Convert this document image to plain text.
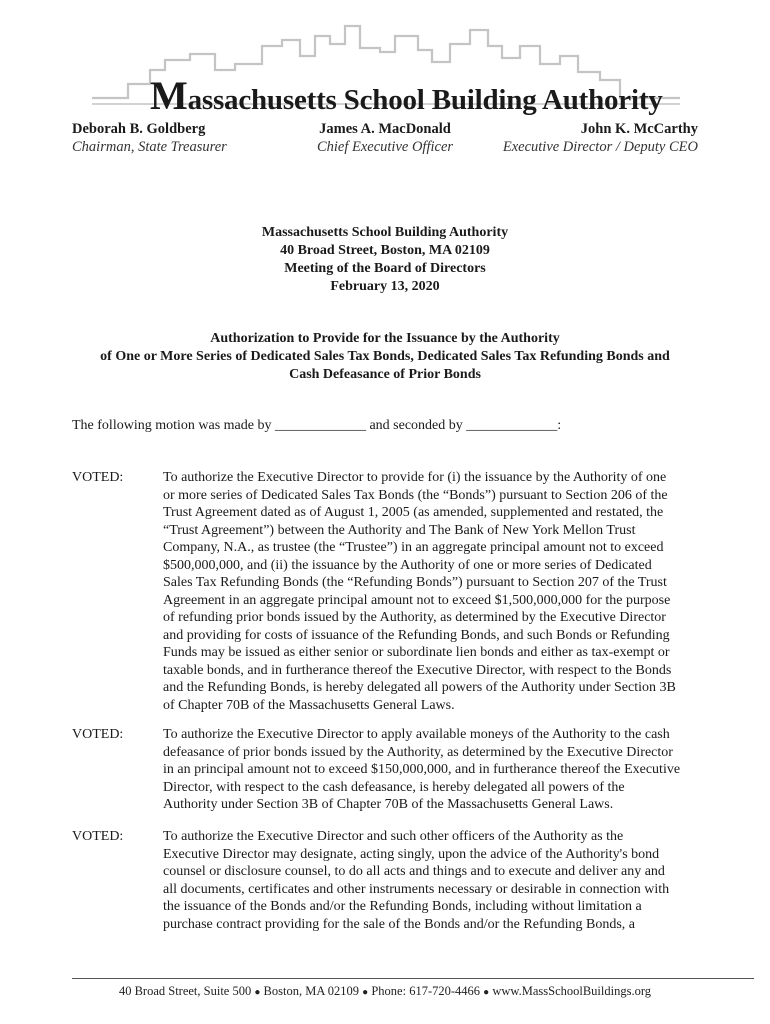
Massachusetts School Building Authority
Deborah B. Goldberg
Chairman, State Treasurer
James A. MacDonald
Chief Executive Officer
John K. McCarthy
Executive Director / Deputy CEO
Massachusetts School Building Authority
40 Broad Street, Boston, MA 02109
Meeting of the Board of Directors
February 13, 2020
Authorization to Provide for the Issuance by the Authority
of One or More Series of Dedicated Sales Tax Bonds, Dedicated Sales Tax Refunding Bonds and
Cash Defeasance of Prior Bonds
The following motion was made by _____________ and seconded by _____________:
VOTED:	To authorize the Executive Director to provide for (i) the issuance by the Authority of one
or more series of Dedicated Sales Tax Bonds (the “Bonds”) pursuant to Section 206 of the
Trust Agreement dated as of August 1, 2005 (as amended, supplemented and restated, the
“Trust Agreement”) between the Authority and The Bank of New York Mellon Trust
Company, N.A., as trustee (the “Trustee”) in an aggregate principal amount not to exceed
$500,000,000, and (ii) the issuance by the Authority of one or more series of Dedicated
Sales Tax Refunding Bonds (the “Refunding Bonds”) pursuant to Section 207 of the Trust
Agreement in an aggregate principal amount not to exceed $1,500,000,000 for the purpose
of refunding prior bonds issued by the Authority, as determined by the Executive Director
and providing for costs of issuance of the Refunding Bonds, and such Bonds or Refunding
Funds may be issued as either senior or subordinate lien bonds and either as tax-exempt or
taxable bonds, and in furtherance thereof the Executive Director, with respect to the Bonds
and the Refunding Bonds, is hereby delegated all powers of the Authority under Section 3B
of Chapter 70B of the Massachusetts General Laws.
VOTED:	To authorize the Executive Director to apply available moneys of the Authority to the cash
defeasance of prior bonds issued by the Authority, as determined by the Executive Director
in an principal amount not to exceed $150,000,000, and in furtherance thereof the Executive
Director, with respect to the cash defeasance, is hereby delegated all powers of the
Authority under Section 3B of Chapter 70B of the Massachusetts General Laws.
VOTED:	To authorize the Executive Director and such other officers of the Authority as the
Executive Director may designate, acting singly, upon the advice of the Authority's bond
counsel or disclosure counsel, to do all acts and things and to execute and deliver any and
all documents, certificates and other instruments necessary or desirable in connection with
the issuance of the Bonds and/or the Refunding Bonds, including without limitation a
purchase contract providing for the sale of the Bonds and/or the Refunding Bonds, a
40 Broad Street, Suite 500 ● Boston, MA 02109 ● Phone: 617-720-4466 ● www.MassSchoolBuildings.org
